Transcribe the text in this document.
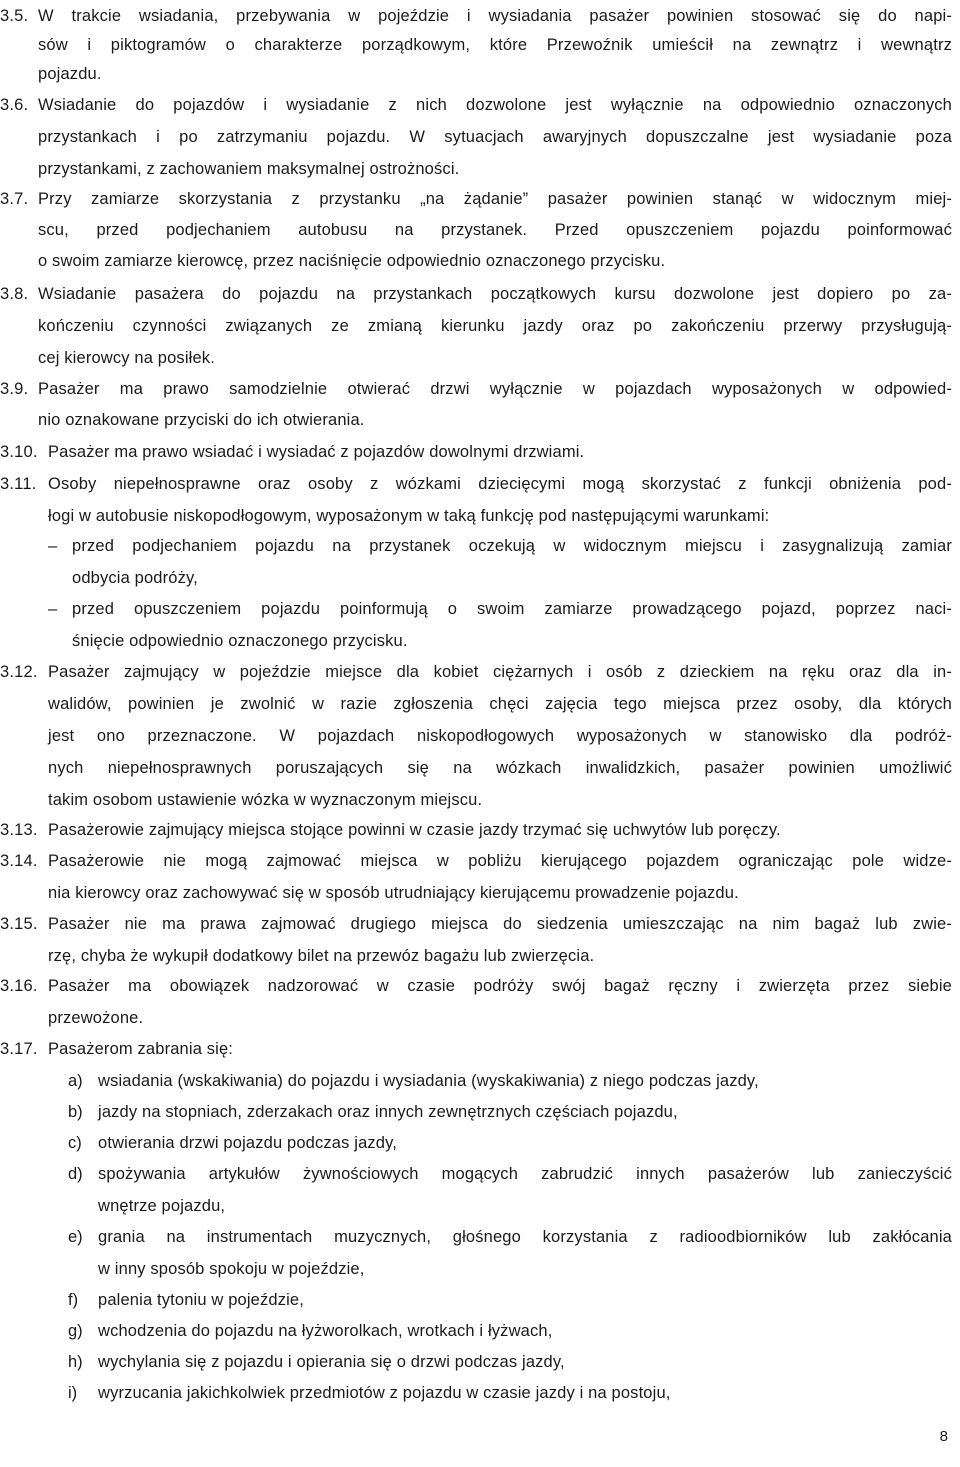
3.5. W trakcie wsiadania, przebywania w pojeździe i wysiadania pasażer powinien stosować się do napi-
sów i piktogramów o charakterze porządkowym, które Przewoźnik umieścił na zewnątrz i wewnątrz
pojazdu.
3.6. Wsiadanie do pojazdów i wysiadanie z nich dozwolone jest wyłącznie na odpowiednio oznaczonych
przystankach i po zatrzymaniu pojazdu. W sytuacjach awaryjnych dopuszczalne jest wysiadanie poza
przystankami, z zachowaniem maksymalnej ostrożności.
3.7. Przy zamiarze skorzystania z przystanku „na żądanie” pasażer powinien stanąć w widocznym miej-
scu, przed podjechaniem autobusu na przystanek. Przed opuszczeniem pojazdu poinformować
o swoim zamiarze kierowcę, przez naciśnięcie odpowiednio oznaczonego przycisku.
3.8. Wsiadanie pasażera do pojazdu na przystankach początkowych kursu dozwolone jest dopiero po za-
kończeniu czynności związanych ze zmianą kierunku jazdy oraz po zakończeniu przerwy przysługują-
cej kierowcy na posiłek.
3.9. Pasażer ma prawo samodzielnie otwierać drzwi wyłącznie w pojazdach wyposażonych w odpowied-
nio oznakowane przyciski do ich otwierania.
3.10. Pasażer ma prawo wsiadać i wysiadać z pojazdów dowolnymi drzwiami.
3.11. Osoby niepełnosprawne oraz osoby z wózkami dziecięcymi mogą skorzystać z funkcji obniżenia pod-
łogi w autobusie niskopodłogowym, wyposażonym w taką funkcję pod następującymi warunkami:
– przed podjechaniem pojazdu na przystanek oczekują w widocznym miejscu i zasygnalizują zamiar
odbycia podróży,
– przed opuszczeniem pojazdu poinformują o swoim zamiarze prowadzącego pojazd, poprzez naci-
śnięcie odpowiednio oznaczonego przycisku.
3.12. Pasażer zajmujący w pojeździe miejsce dla kobiet ciężarnych i osób z dzieckiem na ręku oraz dla in-
walidów, powinien je zwolnić w razie zgłoszenia chęci zajęcia tego miejsca przez osoby, dla których
jest ono przeznaczone. W pojazdach niskopodłogowych wyposażonych w stanowisko dla podróż-
nych niepełnosprawnych poruszających się na wózkach inwalidzkich, pasażer powinien umożliwić
takim osobom ustawienie wózka w wyznaczonym miejscu.
3.13. Pasażerowie zajmujący miejsca stojące powinni w czasie jazdy trzymać się uchwytów lub poręczy.
3.14. Pasażerowie nie mogą zajmować miejsca w pobliżu kierującego pojazdem ograniczając pole widze-
nia kierowcy oraz zachowywać się w sposób utrudniający kierującemu prowadzenie pojazdu.
3.15. Pasażer nie ma prawa zajmować drugiego miejsca do siedzenia umieszczając na nim bagaż lub zwie-
rzę, chyba że wykupił dodatkowy bilet na przewóz bagażu lub zwierzęcia.
3.16. Pasażer ma obowiązek nadzorować w czasie podróży swój bagaż ręczny i zwierzęta przez siebie
przewożone.
3.17. Pasażerom zabrania się:
a) wsiadania (wskakiwania) do pojazdu i wysiadania (wyskakiwania) z niego podczas jazdy,
b) jazdy na stopniach, zderzakach oraz innych zewnętrznych częściach pojazdu,
c) otwierania drzwi pojazdu podczas jazdy,
d) spożywania artykułów żywnościowych mogących zabrudzić innych pasażerów lub zanieczyścić
wnętrze pojazdu,
e) grania na instrumentach muzycznych, głośnego korzystania z radioodbiorników lub zakłócania
w inny sposób spokoju w pojeździe,
f) palenia tytoniu w pojeździe,
g) wchodzenia do pojazdu na łyżworolkach, wrotkach i łyżwach,
h) wychylania się z pojazdu i opierania się o drzwi podczas jazdy,
i) wyrzucania jakichkolwiek przedmiotów z pojazdu w czasie jazdy i na postoju,
8
